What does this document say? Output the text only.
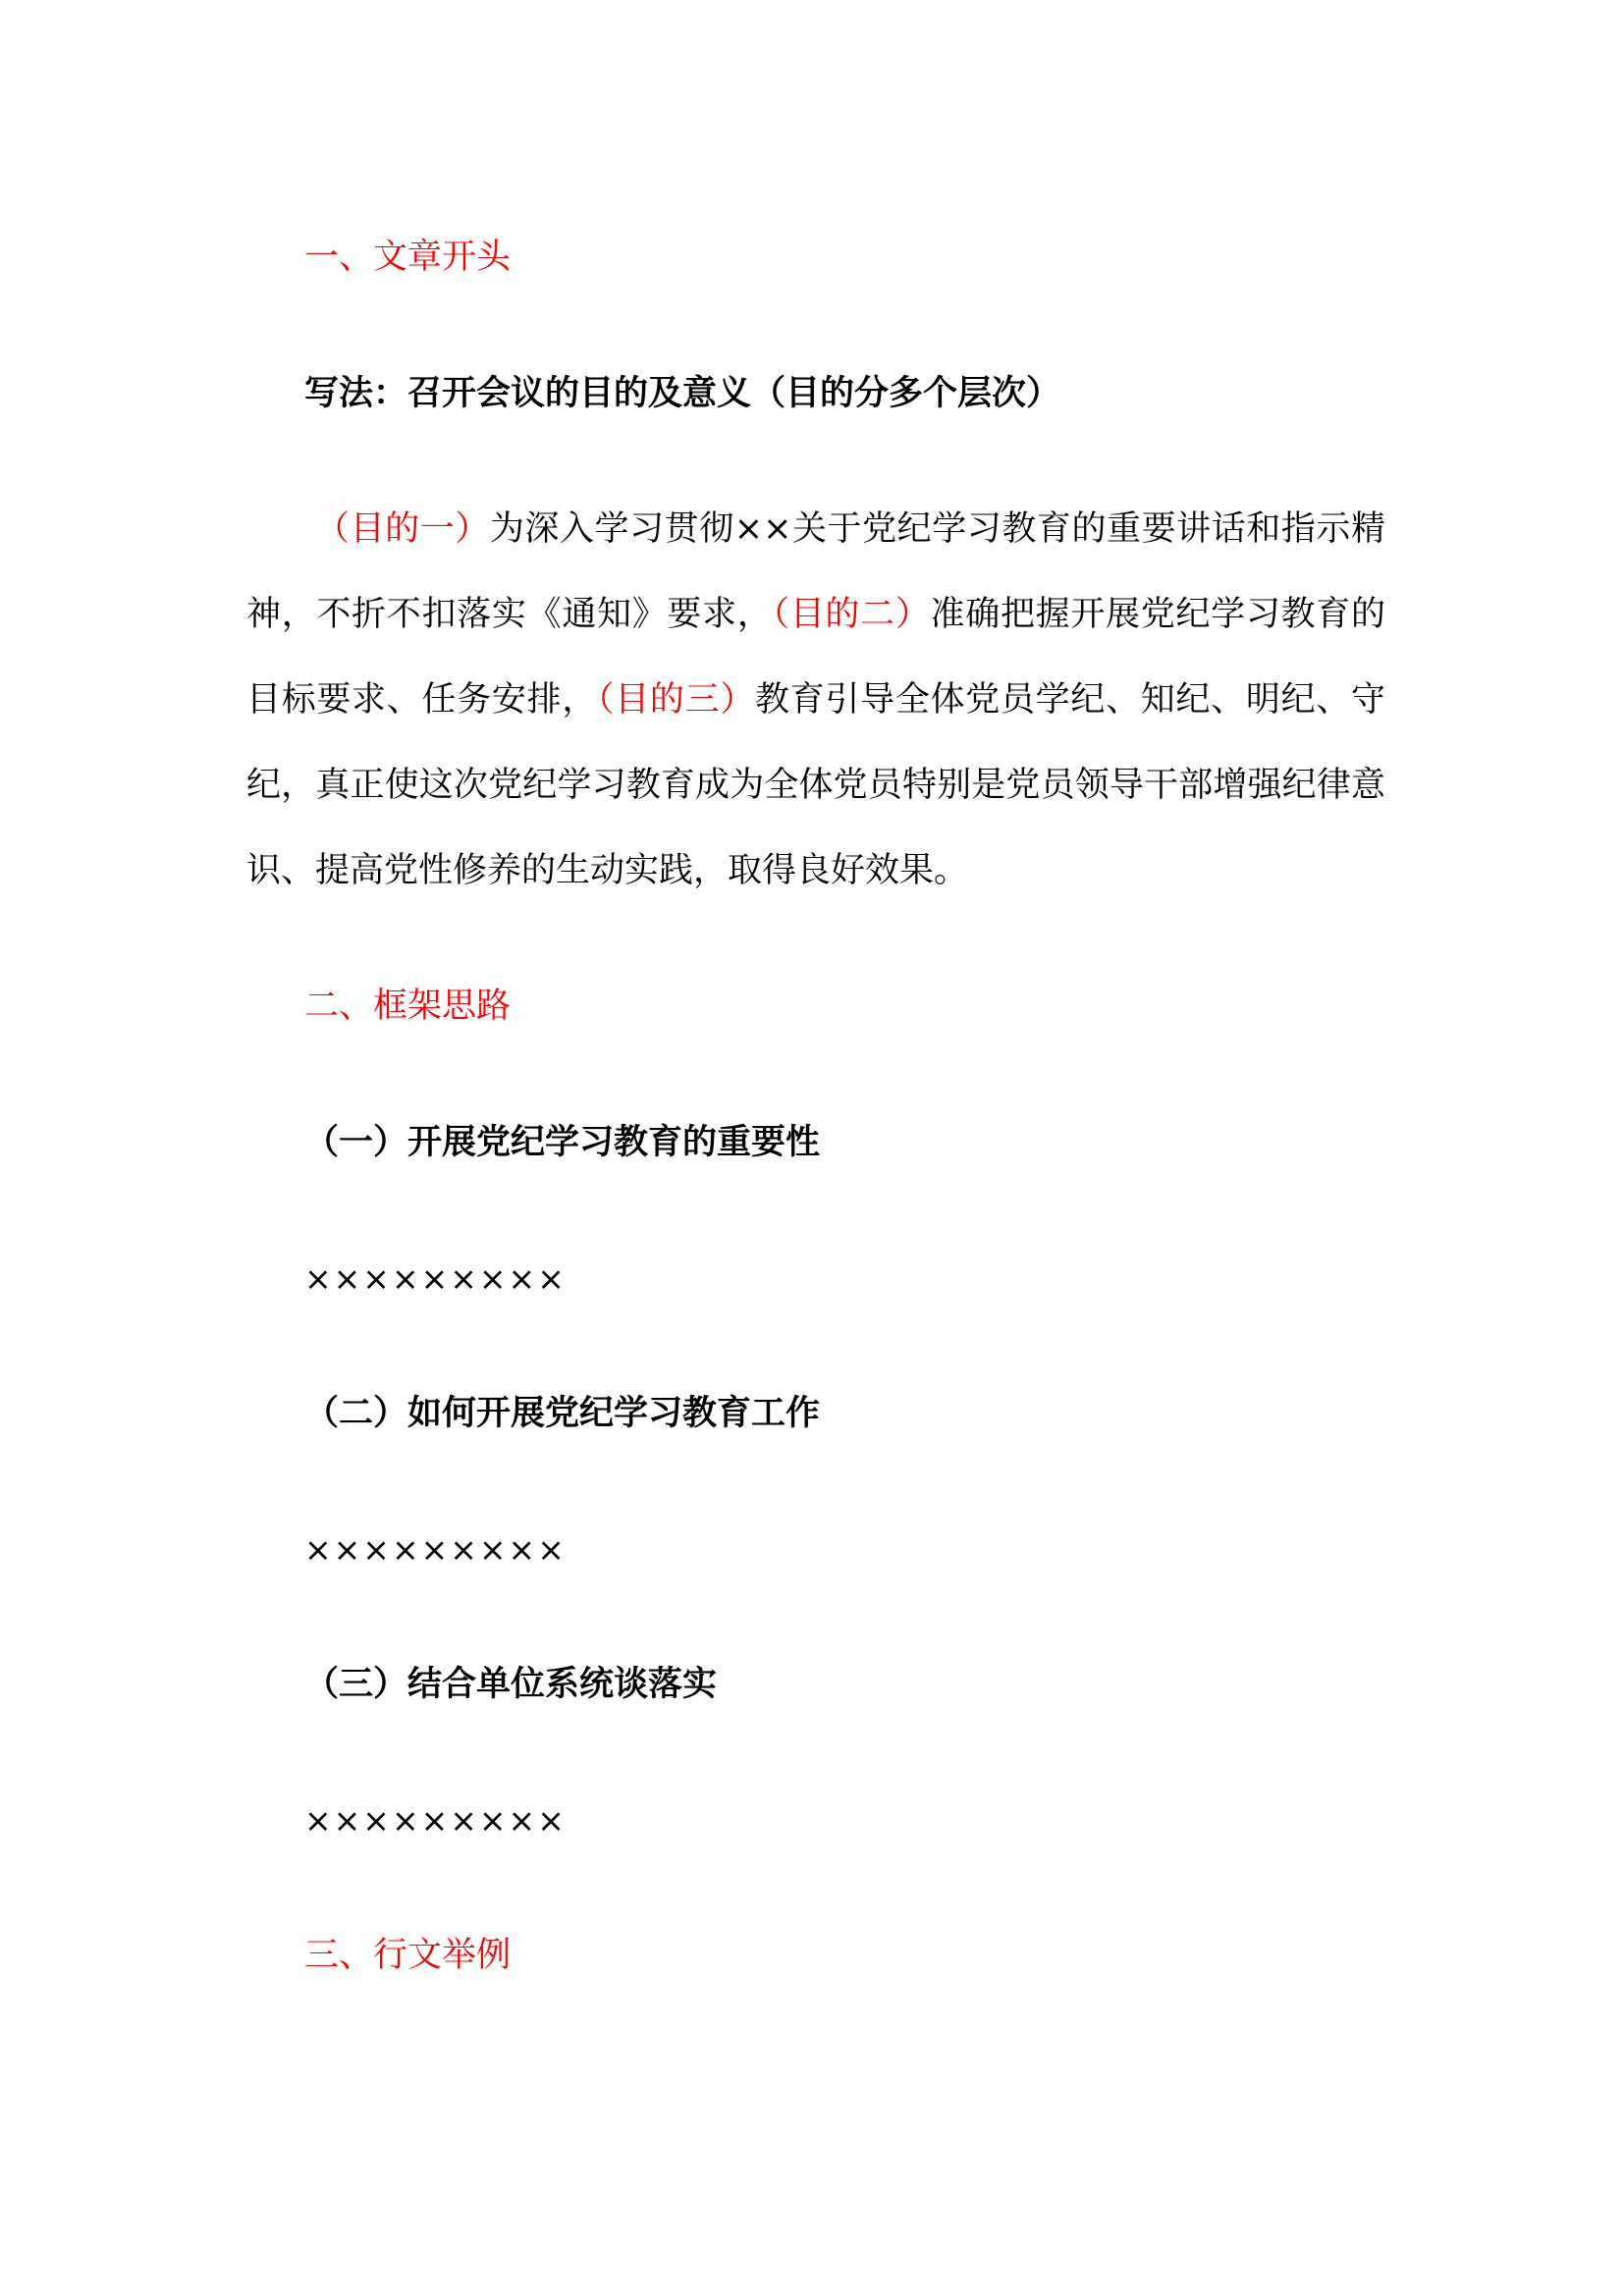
一、文章开头
写法：召开会议的目的及意义（目的分多个层次）
（目的一）为深入学习贯彻××关于党纪学习教育的重要讲话和指示精神，不折不扣落实《通知》要求，（目的二）准确把握开展党纪学习教育的目标要求、任务安排，（目的三）教育引导全体党员学纪、知纪、明纪、守纪，真正使这次党纪学习教育成为全体党员特别是党员领导干部增强纪律意识、提高党性修养的生动实践，取得良好效果。
二、框架思路
（一）开展党纪学习教育的重要性
×××××××××
（二）如何开展党纪学习教育工作
×××××××××
（三）结合单位系统谈落实
×××××××××
三、行文举例
